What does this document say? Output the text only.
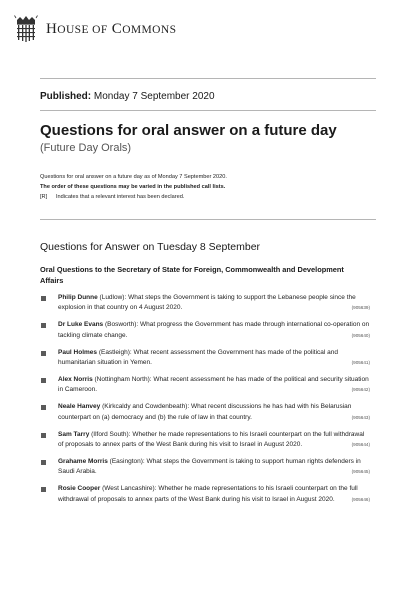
HOUSE OF COMMONS
Published: Monday 7 September 2020
Questions for oral answer on a future day
(Future Day Orals)
Questions for oral answer on a future day as of Monday 7 September 2020.
The order of these questions may be varied in the published call lists.
[R] Indicates that a relevant interest has been declared.
Questions for Answer on Tuesday 8 September
Oral Questions to the Secretary of State for Foreign, Commonwealth and Development Affairs
Philip Dunne (Ludlow): What steps the Government is taking to support the Lebanese people since the explosion in that country on 4 August 2020.	(905639)
Dr Luke Evans (Bosworth): What progress the Government has made through international co-operation on tackling climate change.	(905640)
Paul Holmes (Eastleigh): What recent assessment the Government has made of the political and humanitarian situation in Yemen.	(905641)
Alex Norris (Nottingham North): What recent assessment he has made of the political and security situation in Cameroon.	(905642)
Neale Hanvey (Kirkcaldy and Cowdenbeath): What recent discussions he has had with his Belarusian counterpart on (a) democracy and (b) the rule of law in that country.	(905643)
Sam Tarry (Ilford South): Whether he made representations to his Israeli counterpart on the full withdrawal of proposals to annex parts of the West Bank during his visit to Israel in August 2020.	(905644)
Grahame Morris (Easington): What steps the Government is taking to support human rights defenders in Saudi Arabia.	(905645)
Rosie Cooper (West Lancashire): Whether he made representations to his Israeli counterpart on the full withdrawal of proposals to annex parts of the West Bank during his visit to Israel in August 2020.	(905646)
